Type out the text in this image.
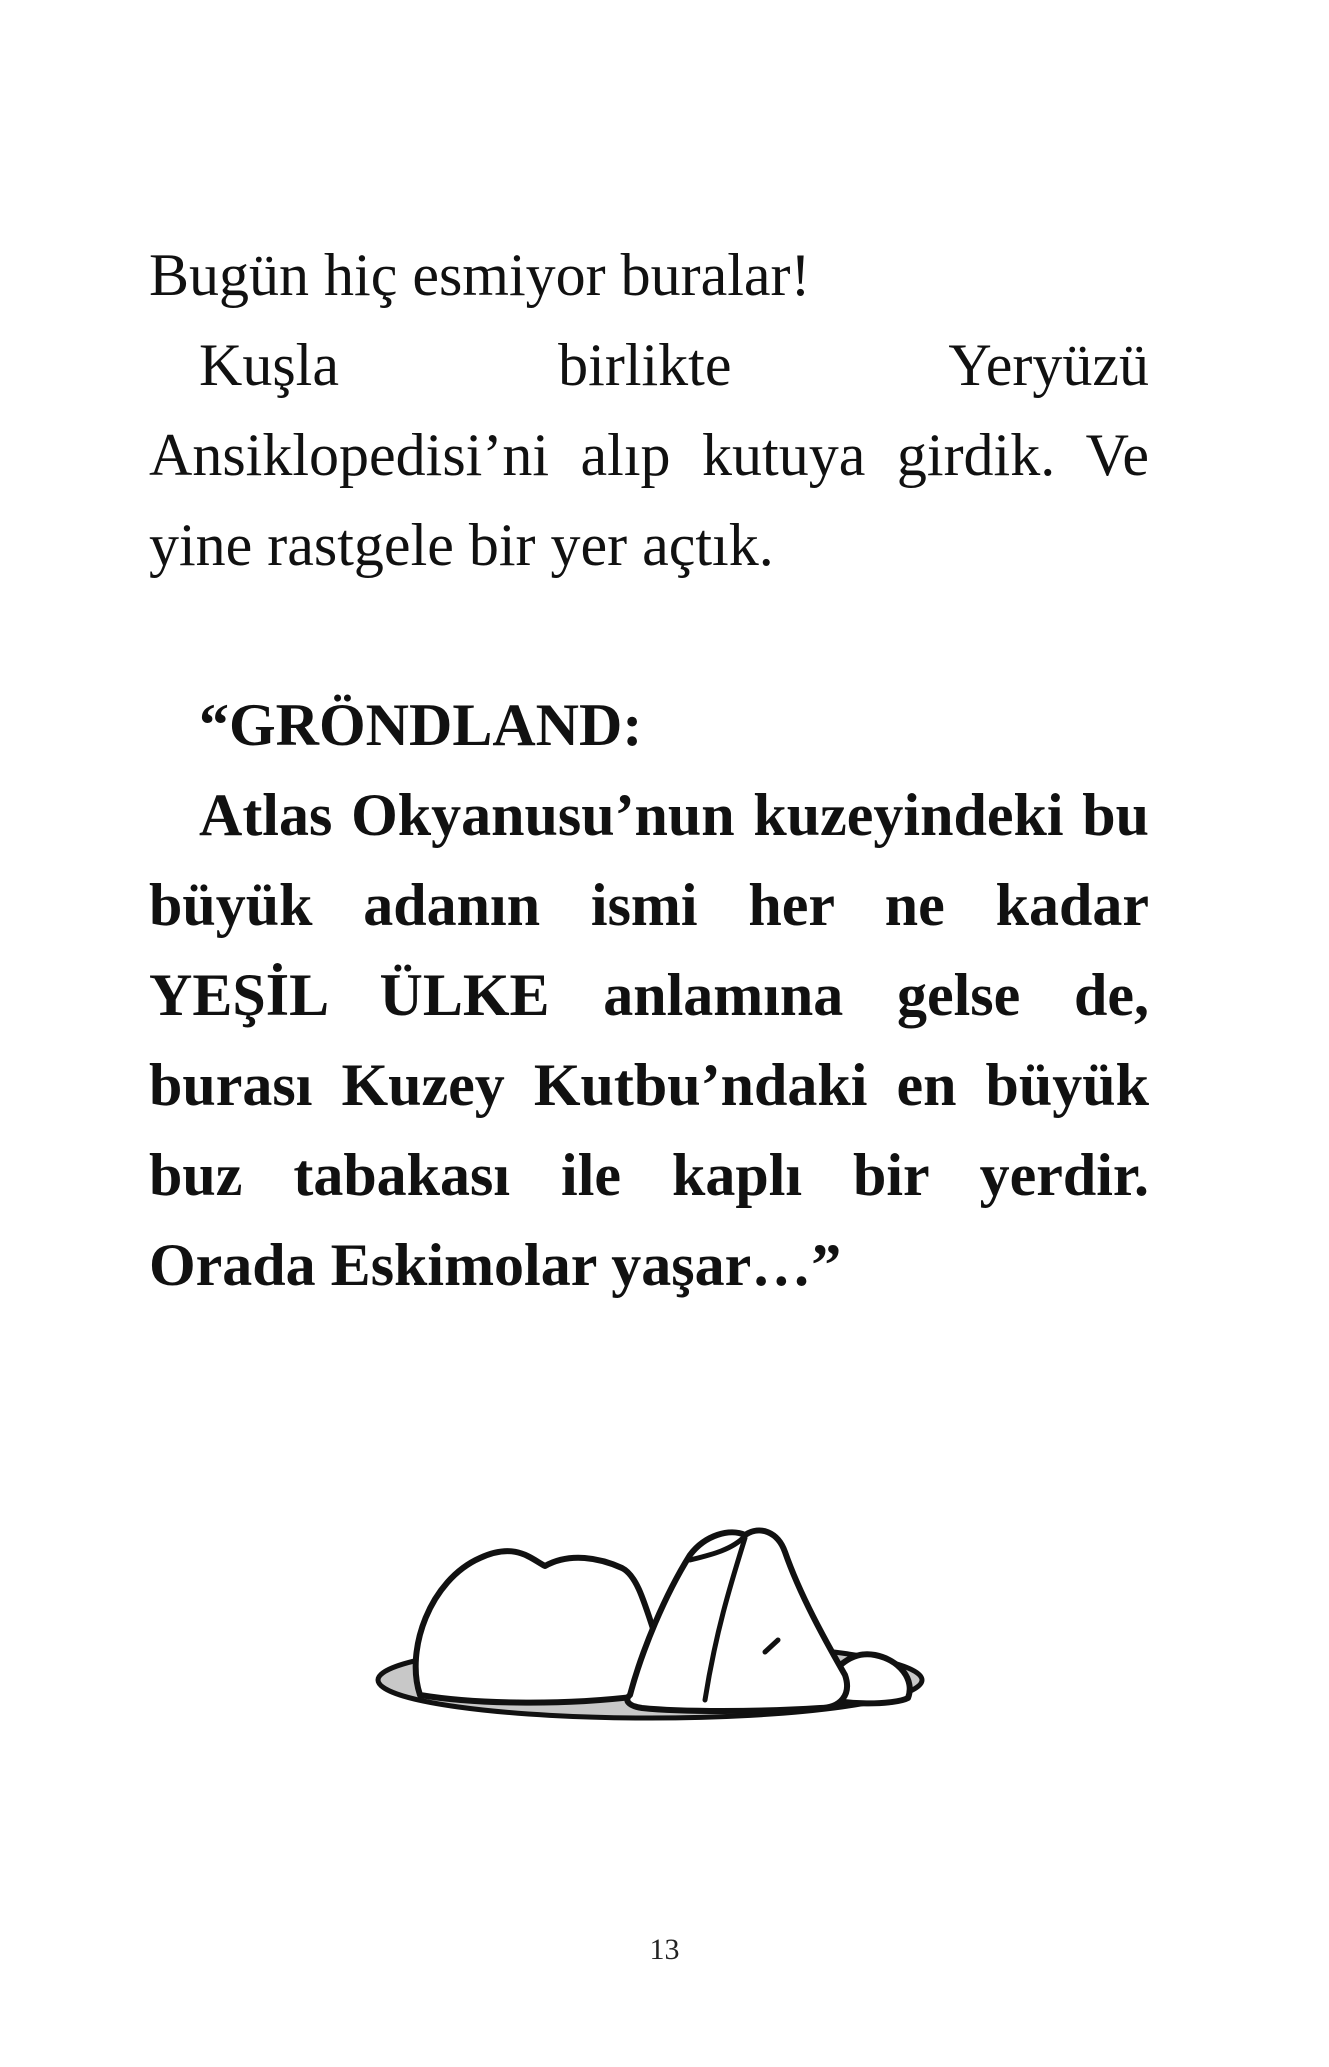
Bugün hiç esmiyor buralar!

Kuşla birlikte Yeryüzü Ansiklopedisi’ni alıp kutuya girdik. Ve yine rastgele bir yer açtık.

“GRÖNDLAND:

Atlas Okyanusu’nun kuzeyindeki bu büyük adanın ismi her ne kadar YEŞİL ÜLKE anlamına gelse de, burası Kuzey Kutbu’ndaki en büyük buz tabakası ile kaplı bir yerdir. Orada Eskimolar yaşar…”

13
